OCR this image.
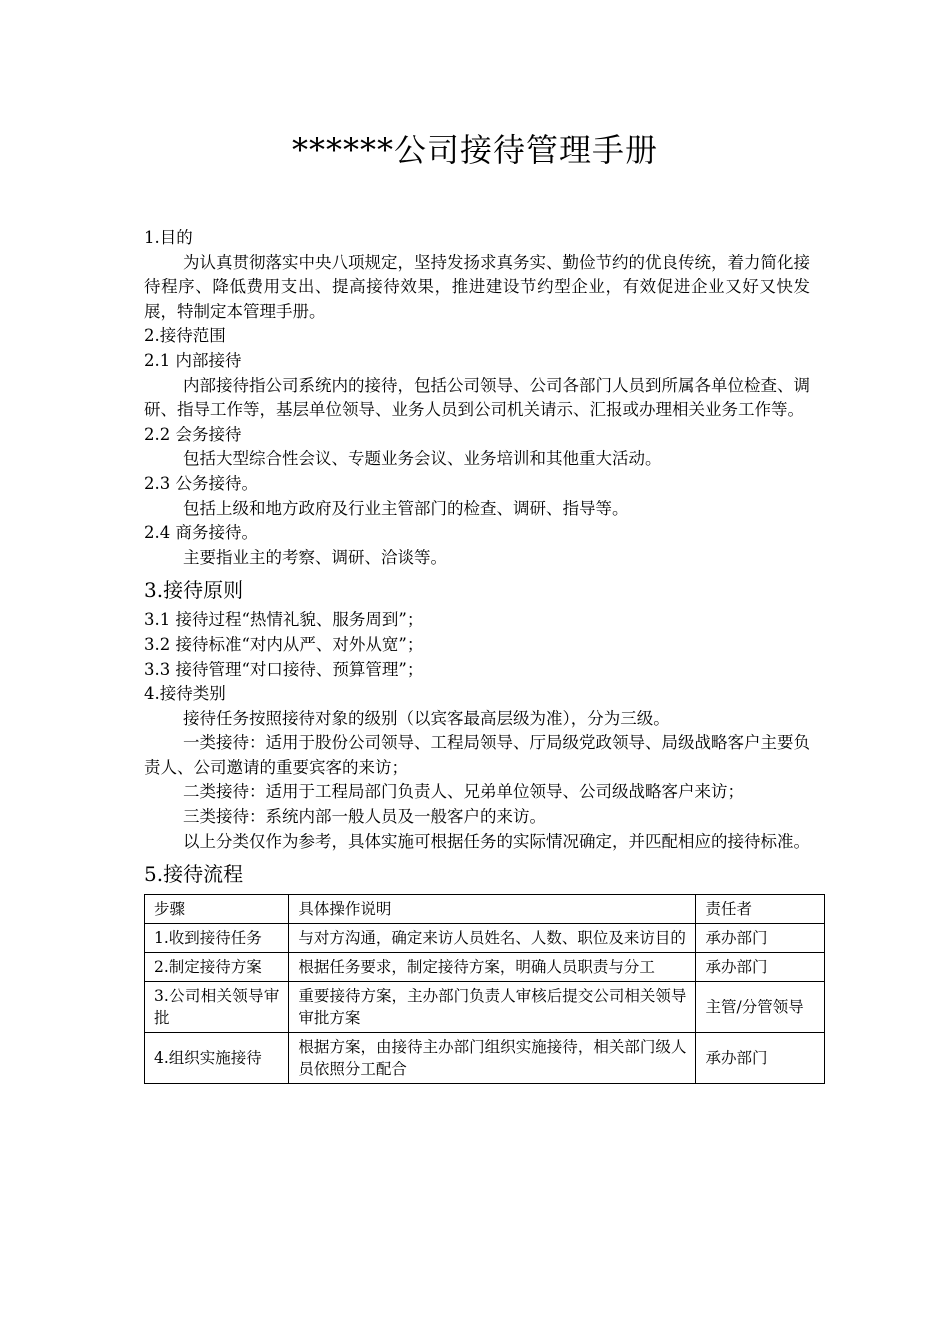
******公司接待管理手册

1.目的

为认真贯彻落实中央八项规定，坚持发扬求真务实、勤俭节约的优良传统，着力简化接待程序、降低费用支出、提高接待效果，推进建设节约型企业，有效促进企业又好又快发展，特制定本管理手册。

2.接待范围

2.1 内部接待

内部接待指公司系统内的接待，包括公司领导、公司各部门人员到所属各单位检查、调研、指导工作等，基层单位领导、业务人员到公司机关请示、汇报或办理相关业务工作等。

2.2 会务接待

包括大型综合性会议、专题业务会议、业务培训和其他重大活动。

2.3 公务接待。

包括上级和地方政府及行业主管部门的检查、调研、指导等。

2.4 商务接待。

主要指业主的考察、调研、洽谈等。

3.接待原则

3.1 接待过程“热情礼貌、服务周到”；

3.2 接待标准“对内从严、对外从宽”；

3.3 接待管理“对口接待、预算管理”；

4.接待类别

接待任务按照接待对象的级别（以宾客最高层级为准），分为三级。

一类接待：适用于股份公司领导、工程局领导、厅局级党政领导、局级战略客户主要负责人、公司邀请的重要宾客的来访；

二类接待：适用于工程局部门负责人、兄弟单位领导、公司级战略客户来访；

三类接待：系统内部一般人员及一般客户的来访。

以上分类仅作为参考，具体实施可根据任务的实际情况确定，并匹配相应的接待标准。

5.接待流程

步骤	具体操作说明	责任者
1.收到接待任务	与对方沟通，确定来访人员姓名、人数、职位及来访目的	承办部门
2.制定接待方案	根据任务要求，制定接待方案，明确人员职责与分工	承办部门
3.公司相关领导审批	重要接待方案，主办部门负责人审核后提交公司相关领导审批方案	主管/分管领导
4.组织实施接待	根据方案，由接待主办部门组织实施接待，相关部门级人员依照分工配合	承办部门
